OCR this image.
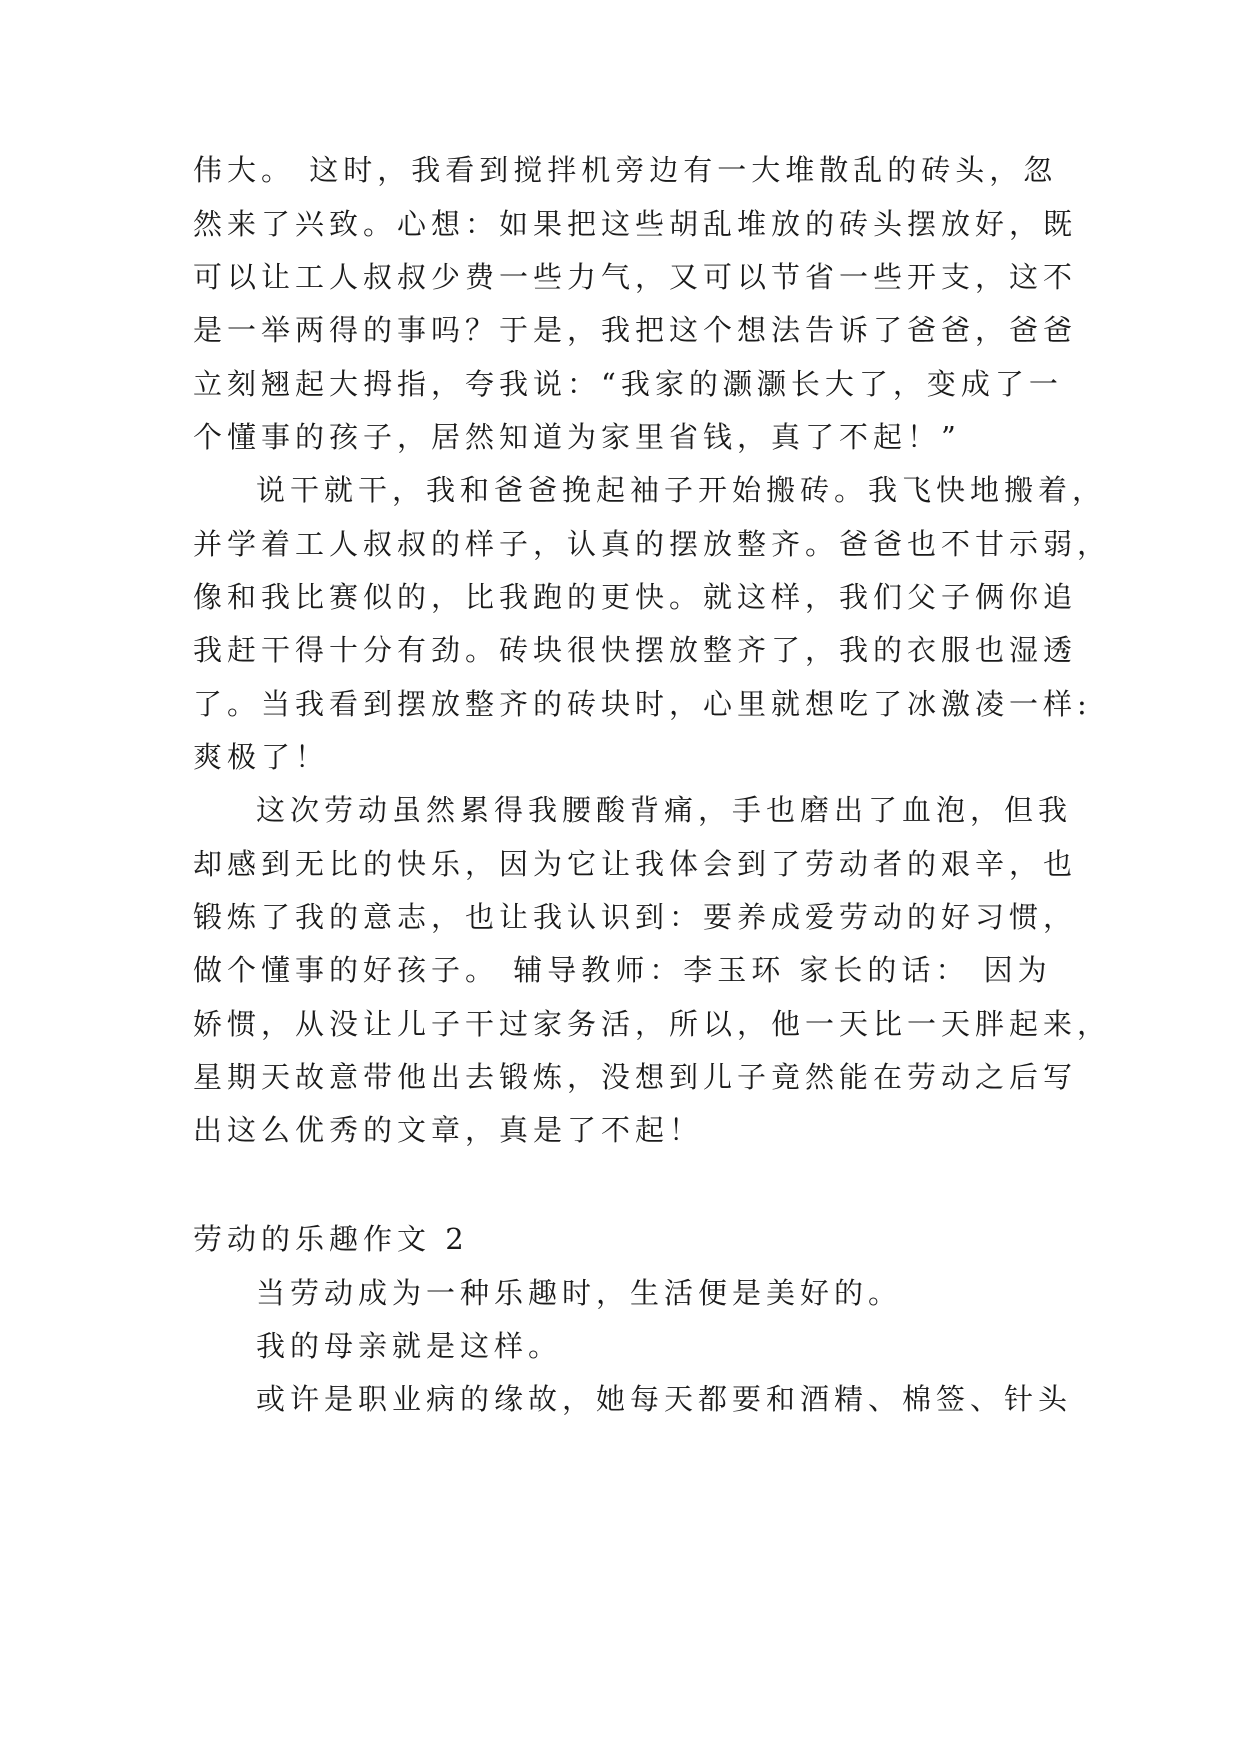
伟大。 这时，我看到搅拌机旁边有一大堆散乱的砖头，忽
然来了兴致。心想：如果把这些胡乱堆放的砖头摆放好，既
可以让工人叔叔少费一些力气，又可以节省一些开支，这不
是一举两得的事吗？于是，我把这个想法告诉了爸爸，爸爸
立刻翘起大拇指，夸我说：“我家的灏灏长大了，变成了一
个懂事的孩子，居然知道为家里省钱，真了不起！”
说干就干，我和爸爸挽起袖子开始搬砖。我飞快地搬着，
并学着工人叔叔的样子，认真的摆放整齐。爸爸也不甘示弱，
像和我比赛似的，比我跑的更快。就这样，我们父子俩你追
我赶干得十分有劲。砖块很快摆放整齐了，我的衣服也湿透
了。当我看到摆放整齐的砖块时，心里就想吃了冰激凌一样:
爽极了！
这次劳动虽然累得我腰酸背痛，手也磨出了血泡，但我
却感到无比的快乐，因为它让我体会到了劳动者的艰辛，也
锻炼了我的意志，也让我认识到：要养成爱劳动的好习惯，
做个懂事的好孩子。 辅导教师：李玉环 家长的话： 因为
娇惯，从没让儿子干过家务活，所以，他一天比一天胖起来，
星期天故意带他出去锻炼，没想到儿子竟然能在劳动之后写
出这么优秀的文章，真是了不起！
劳动的乐趣作文 2
当劳动成为一种乐趣时，生活便是美好的。
我的母亲就是这样。
或许是职业病的缘故，她每天都要和酒精、棉签、针头
